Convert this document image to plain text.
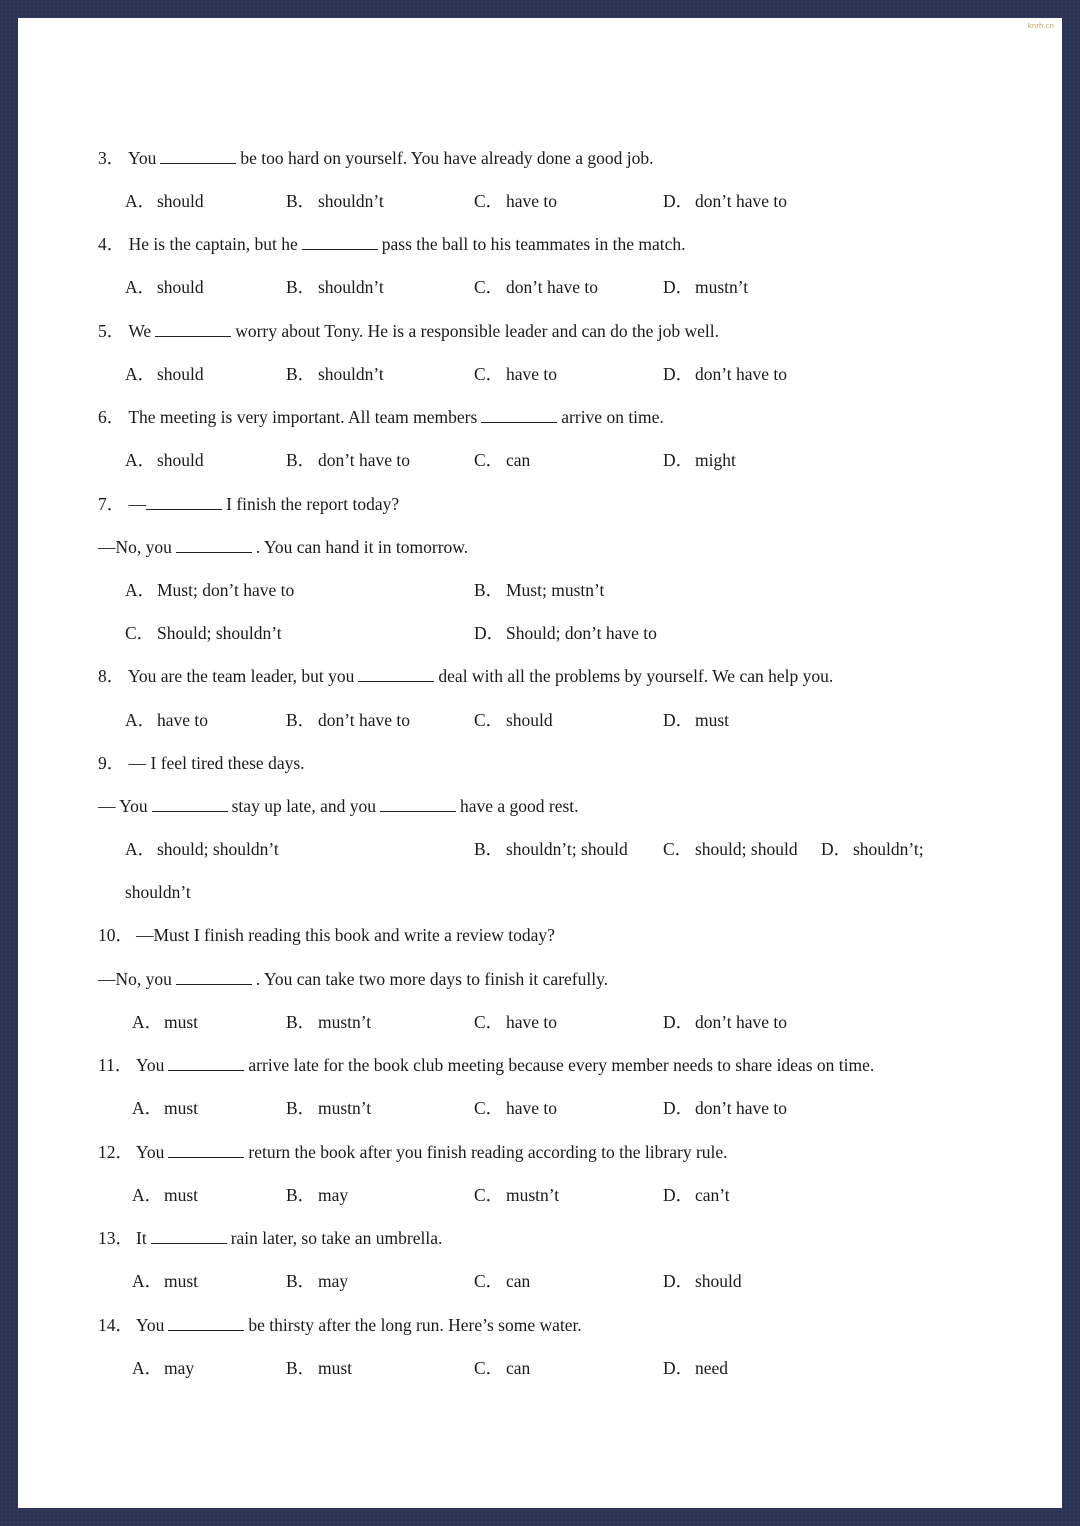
knrh.cn
3． You	be too hard on yourself. You have already done a good job.
A． should	B． shouldn’t	C． have to	D． don’t have to
4． He is the captain, but he	pass the ball to his teammates in the match.
A． should	B． shouldn’t	C． don’t have to	D． mustn’t
5． We	worry about Tony. He is a responsible leader and can do the job well.
A． should	B． shouldn’t	C． have to	D． don’t have to
6． The meeting is very important. All team members	arrive on time.
A． should	B． don’t have to	C． can	D． might
7． —	I finish the report today?
—No, you	. You can hand it in tomorrow.
A． Must; don’t have to	B． Must; mustn’t
C． Should; shouldn’t	D． Should; don’t have to
8． You are the team leader, but you	deal with all the problems by yourself. We can help you.
A． have to	B． don’t have to	C． should	D． must
9． — I feel tired these days.
— You	stay up late, and you	have a good rest.
A． should; shouldn’t	B． shouldn’t; should C． should; should D． shouldn’t;
shouldn’t
10． —Must I finish reading this book and write a review today?
—No, you	. You can take two more days to finish it carefully.
A． must	B． mustn’t	C． have to	D． don’t have to
11． You	arrive late for the book club meeting because every member needs to share ideas on time.
A． must	B． mustn’t	C． have to	D． don’t have to
12． You	return the book after you finish reading according to the library rule.
A． must	B． may	C． mustn’t	D． can’t
13． It	rain later, so take an umbrella.
A． must	B． may	C． can	D． should
14． You	be thirsty after the long run. Here’s some water.
A． may	B． must	C． can	D． need
